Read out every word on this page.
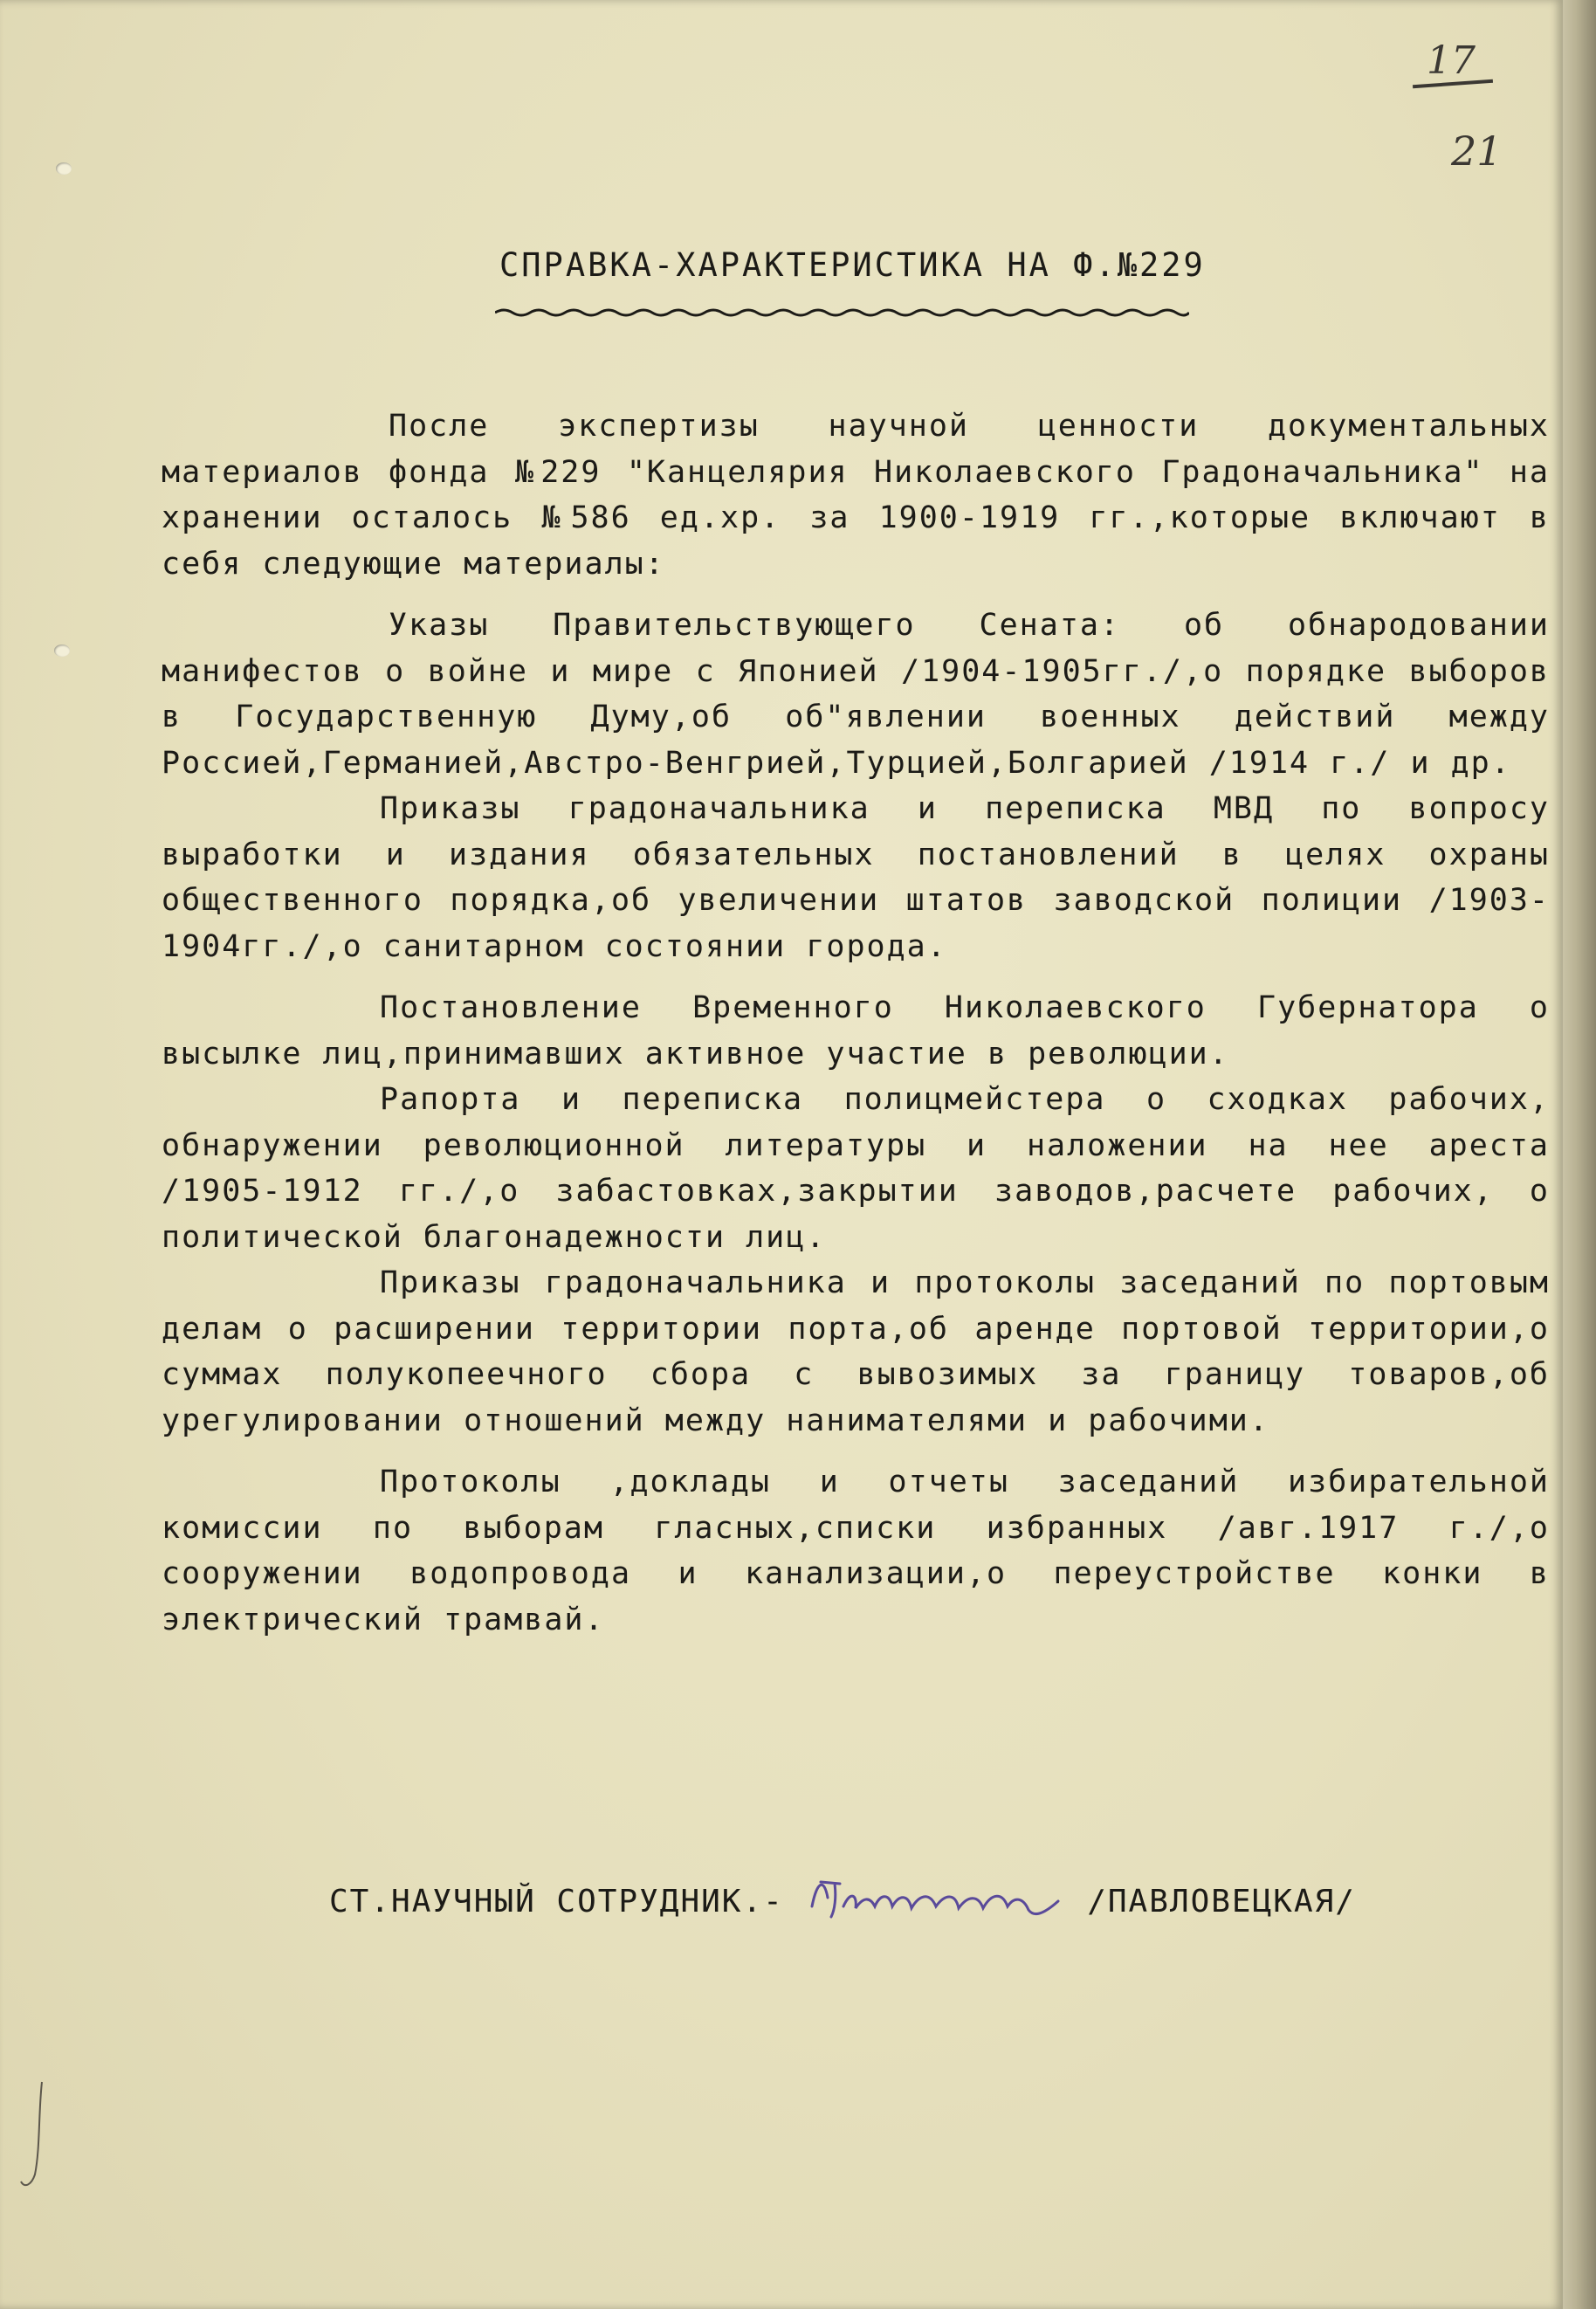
17
21
СПРАВКА-ХАРАКТЕРИСТИКА НА Ф.№229

После экспертизы научной ценности документальных материалов фонда №229 "Канцелярия Николаевского Градоначальника" на хранении осталось №586 ед.хр. за 1900-1919 гг.,которые включают в себя следующие материалы:

Указы Правительствующего Сената: об обнародовании манифестов о войне и мире с Японией /1904-1905гг./,о порядке выборов в Государственную Думу,об об"явлении военных действий между Россией,Германией,Австро-Венгрией,Турцией,Болгарией /1914 г./ и др.

Приказы градоначальника и переписка МВД по вопросу выработки и издания обязательных постановлений в целях охраны общественного порядка,об увеличении штатов заводской полиции /1903-1904гг./,о санитарном состоянии города.

Постановление Временного Николаевского Губернатора о высылке лиц,принимавших активное участие в революции.

Рапорта и переписка полицмейстера о сходках рабочих, обнаружении революционной литературы и наложении на нее ареста /1905-1912 гг./,о забастовках,закрытии заводов,расчете рабочих, о политической благонадежности лиц.

Приказы градоначальника и протоколы заседаний по портовым делам о расширении территории порта,об аренде портовой территории,о суммах полукопеечного сбора с вывозимых за границу товаров,об урегулировании отношений между нанимателями и рабочими.

Протоколы ,доклады и отчеты заседаний избирательной комиссии по выборам гласных,списки избранных /авг.1917 г./,о сооружении водопровода и канализации,о переустройстве конки в электрический трамвай.

СТ.НАУЧНЫЙ СОТРУДНИК.-	/ПАВЛОВЕЦКАЯ/
